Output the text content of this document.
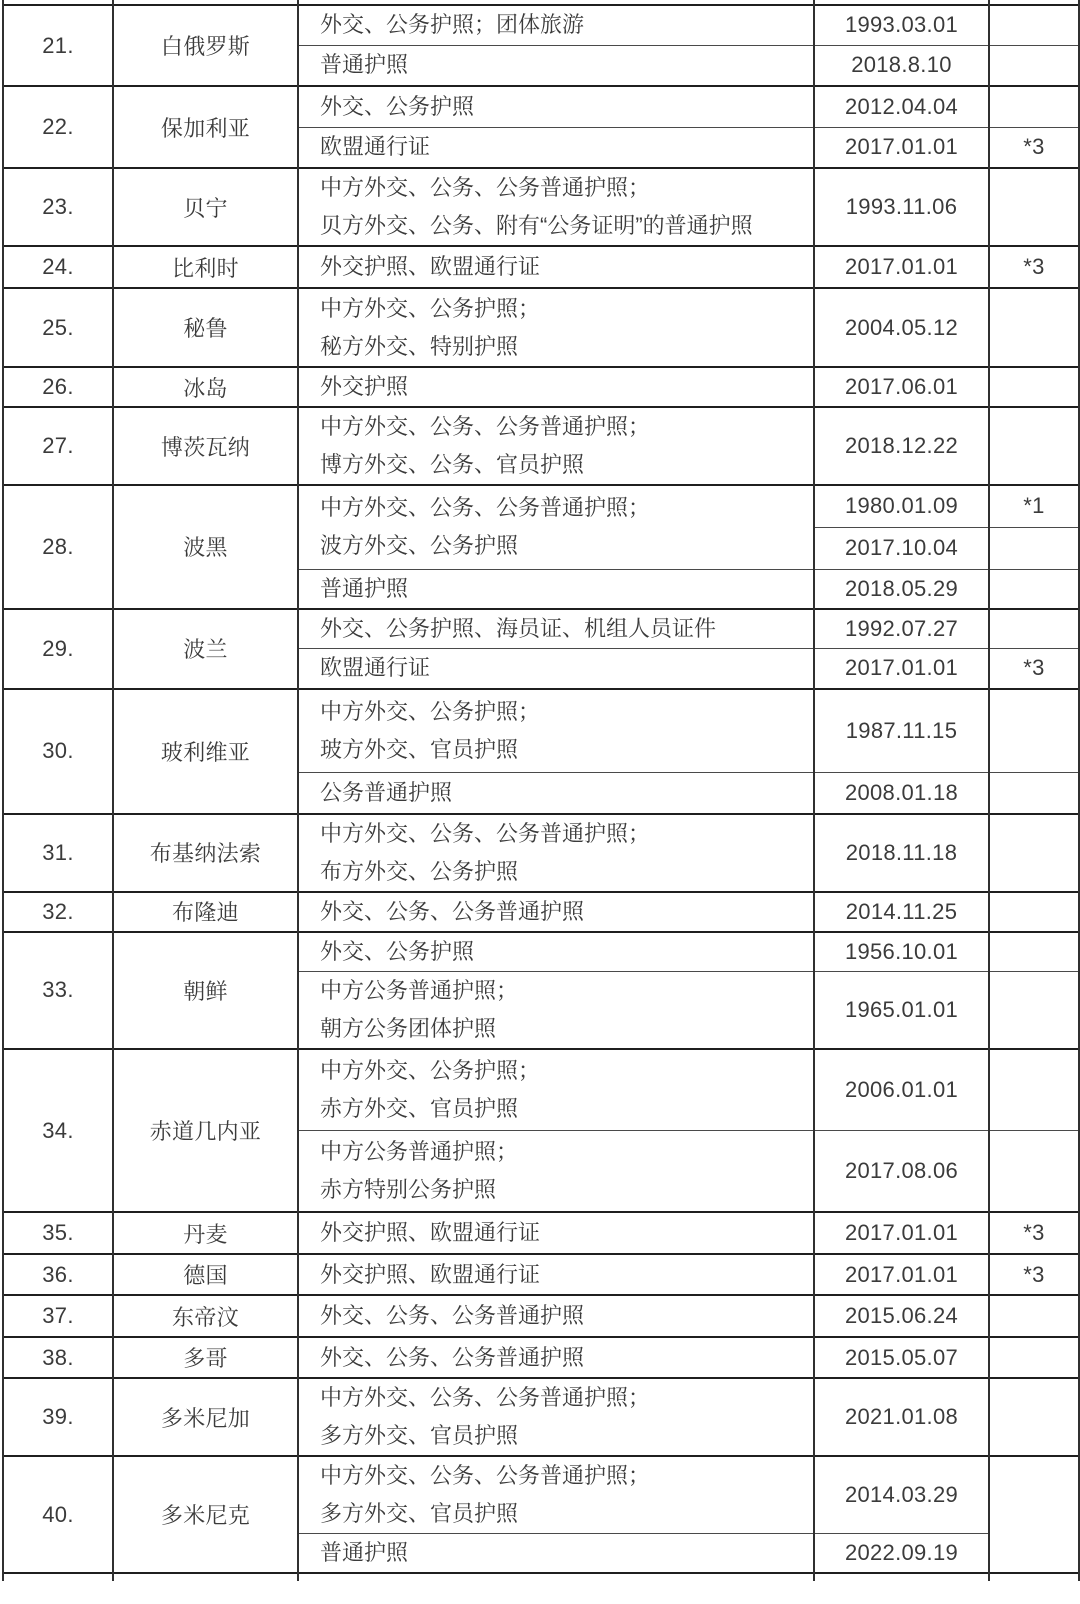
21.	白俄罗斯	外交、公务护照；团体旅游	1993.03.01	

		普通护照	2018.8.10	
22.	保加利亚	外交、公务护照	2012.04.04	

		欧盟通行证	2017.01.01	*3
23.	贝宁	中方外交、公务、公务普通护照；
贝方外交、公务、附有“公务证明”的普通护照	1993.11.06	
24.	比利时	外交护照、欧盟通行证	2017.01.01	*3
25.	秘鲁	中方外交、公务护照；
秘方外交、特别护照	2004.05.12	
26.	冰岛	外交护照	2017.06.01	
27.	博茨瓦纳	中方外交、公务、公务普通护照；
博方外交、公务、官员护照	2018.12.22	
28.	波黑	中方外交、公务、公务普通护照；
波方外交、公务护照	1980.01.09	*1
			2017.10.04	

		普通护照	2018.05.29	
29.	波兰	外交、公务护照、海员证、机组人员证件	1992.07.27	

		欧盟通行证	2017.01.01	*3
30.	玻利维亚	中方外交、公务护照；
玻方外交、官员护照	1987.11.15	

		公务普通护照	2008.01.18	
31.	布基纳法索	中方外交、公务、公务普通护照；
布方外交、公务护照	2018.11.18	
32.	布隆迪	外交、公务、公务普通护照	2014.11.25	
33.	朝鲜	外交、公务护照	1956.10.01	

		中方公务普通护照；
朝方公务团体护照	1965.01.01	
34.	赤道几内亚	中方外交、公务护照；
赤方外交、官员护照	2006.01.01	

		中方公务普通护照；
赤方特别公务护照	2017.08.06	
35.	丹麦	外交护照、欧盟通行证	2017.01.01	*3
36.	德国	外交护照、欧盟通行证	2017.01.01	*3
37.	东帝汶	外交、公务、公务普通护照	2015.06.24	
38.	多哥	外交、公务、公务普通护照	2015.05.07	
39.	多米尼加	中方外交、公务、公务普通护照；
多方外交、官员护照	2021.01.08	
40.	多米尼克	中方外交、公务、公务普通护照；
多方外交、官员护照	2014.03.29	

		普通护照	2022.09.19	
